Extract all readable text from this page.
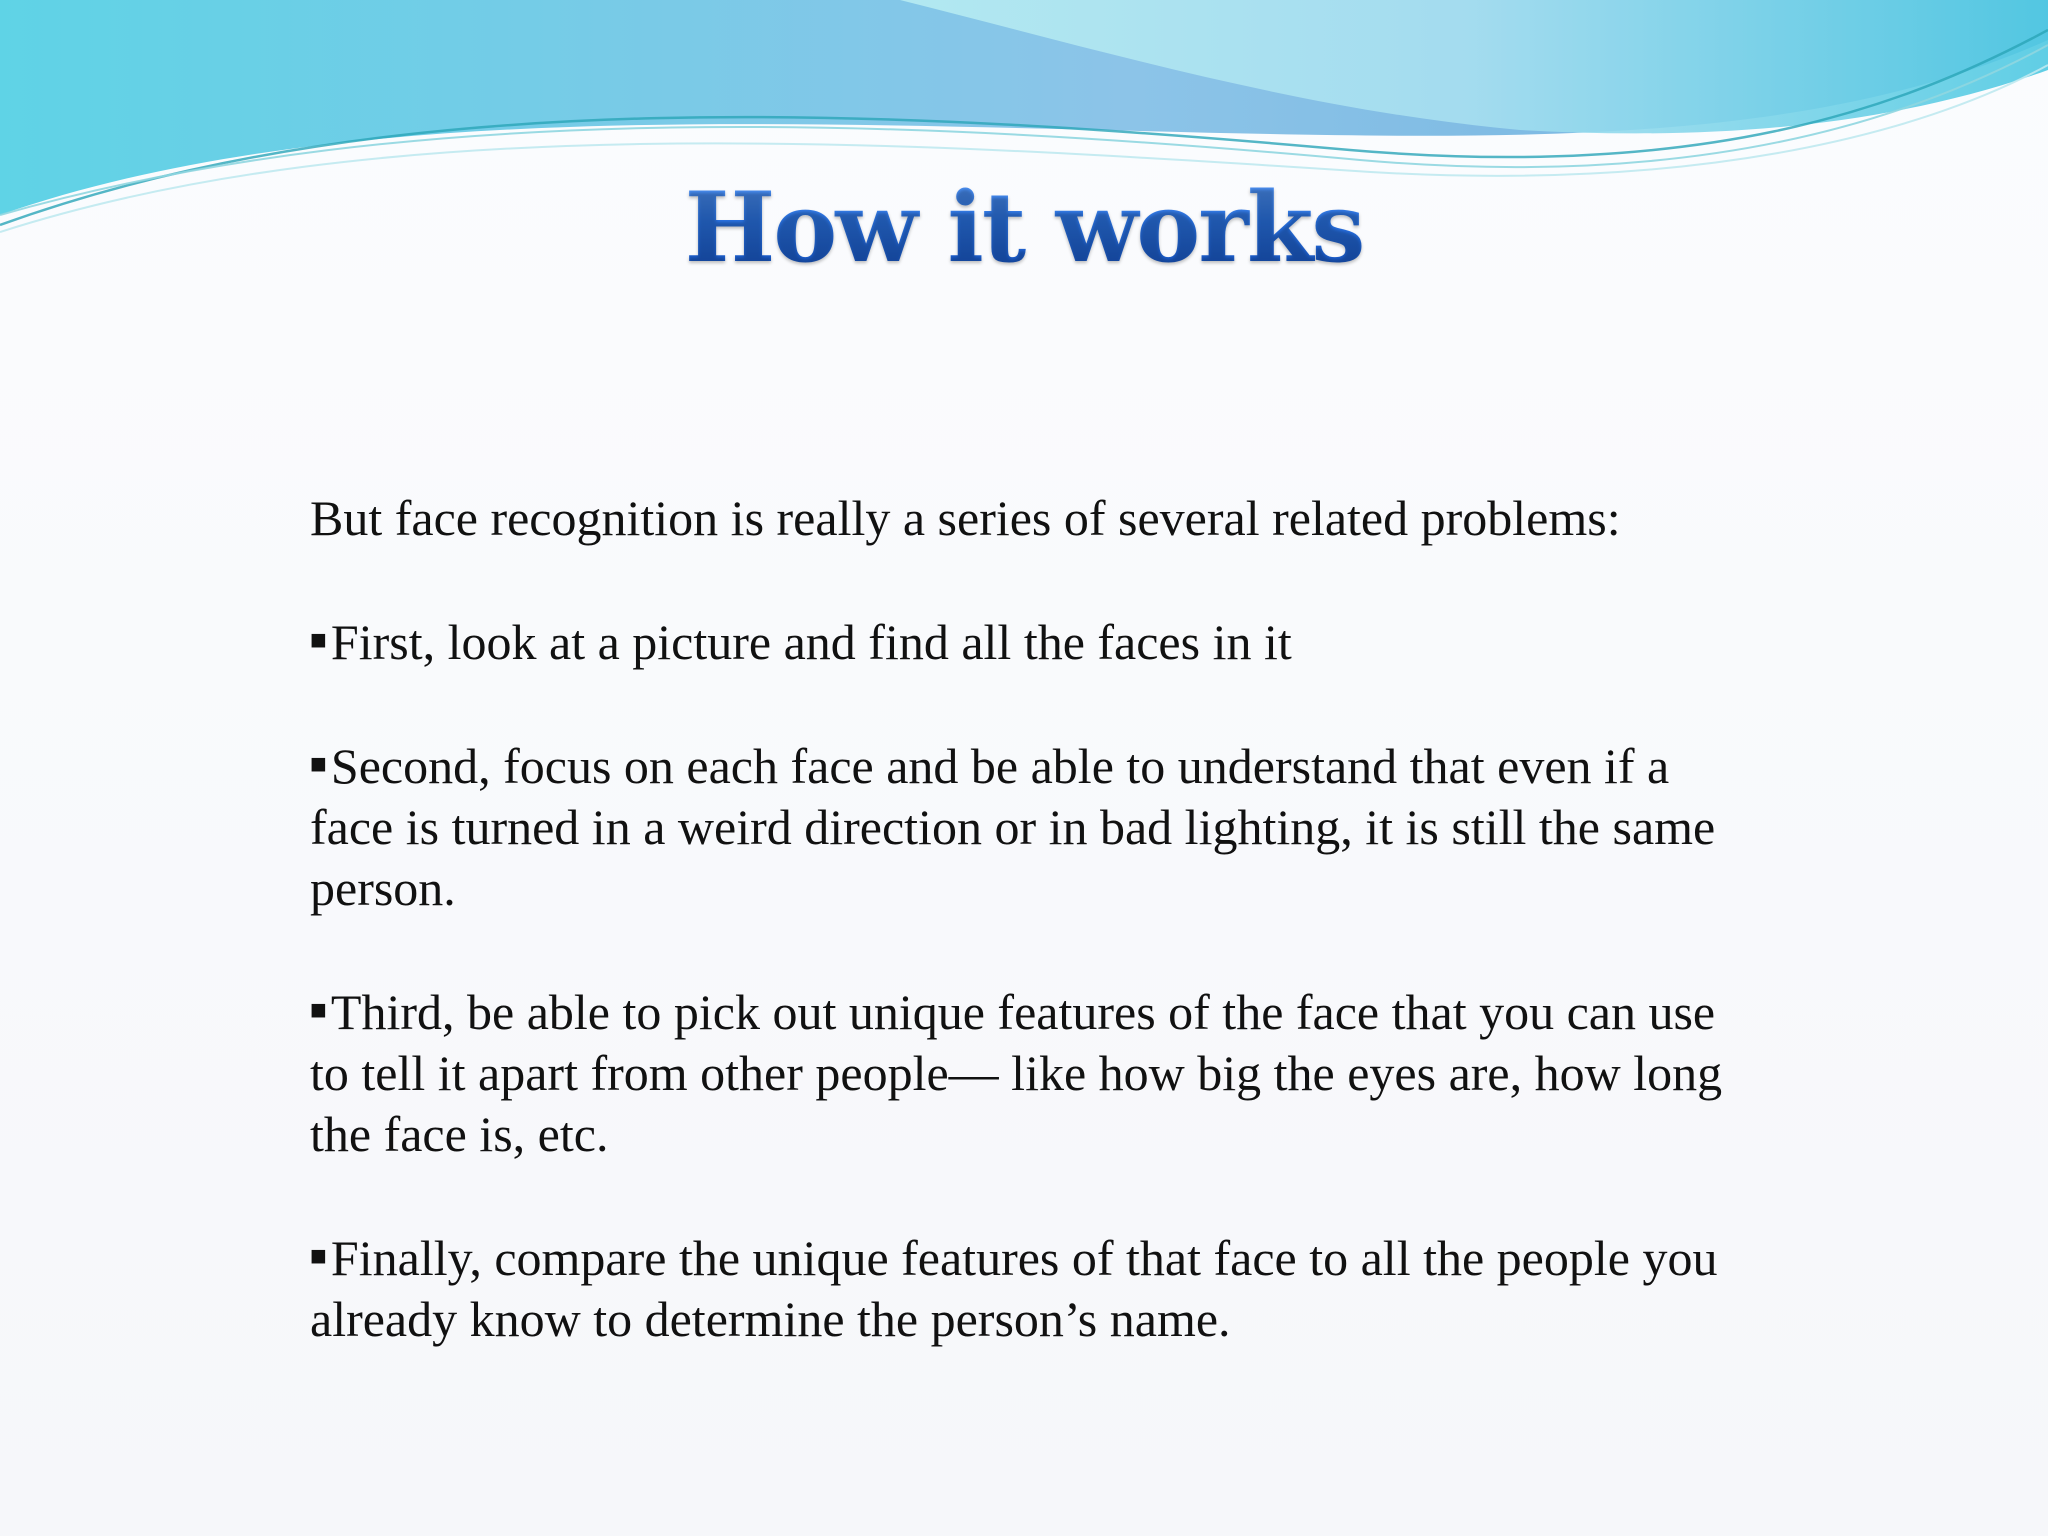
How it works

But face recognition is really a series of several related problems:

■First, look at a picture and find all the faces in it

■Second, focus on each face and be able to understand that even if a face is turned in a weird direction or in bad lighting, it is still the same person.

■Third, be able to pick out unique features of the face that you can use to tell it apart from other people— like how big the eyes are, how long the face is, etc.

■Finally, compare the unique features of that face to all the people you already know to determine the person’s name.
